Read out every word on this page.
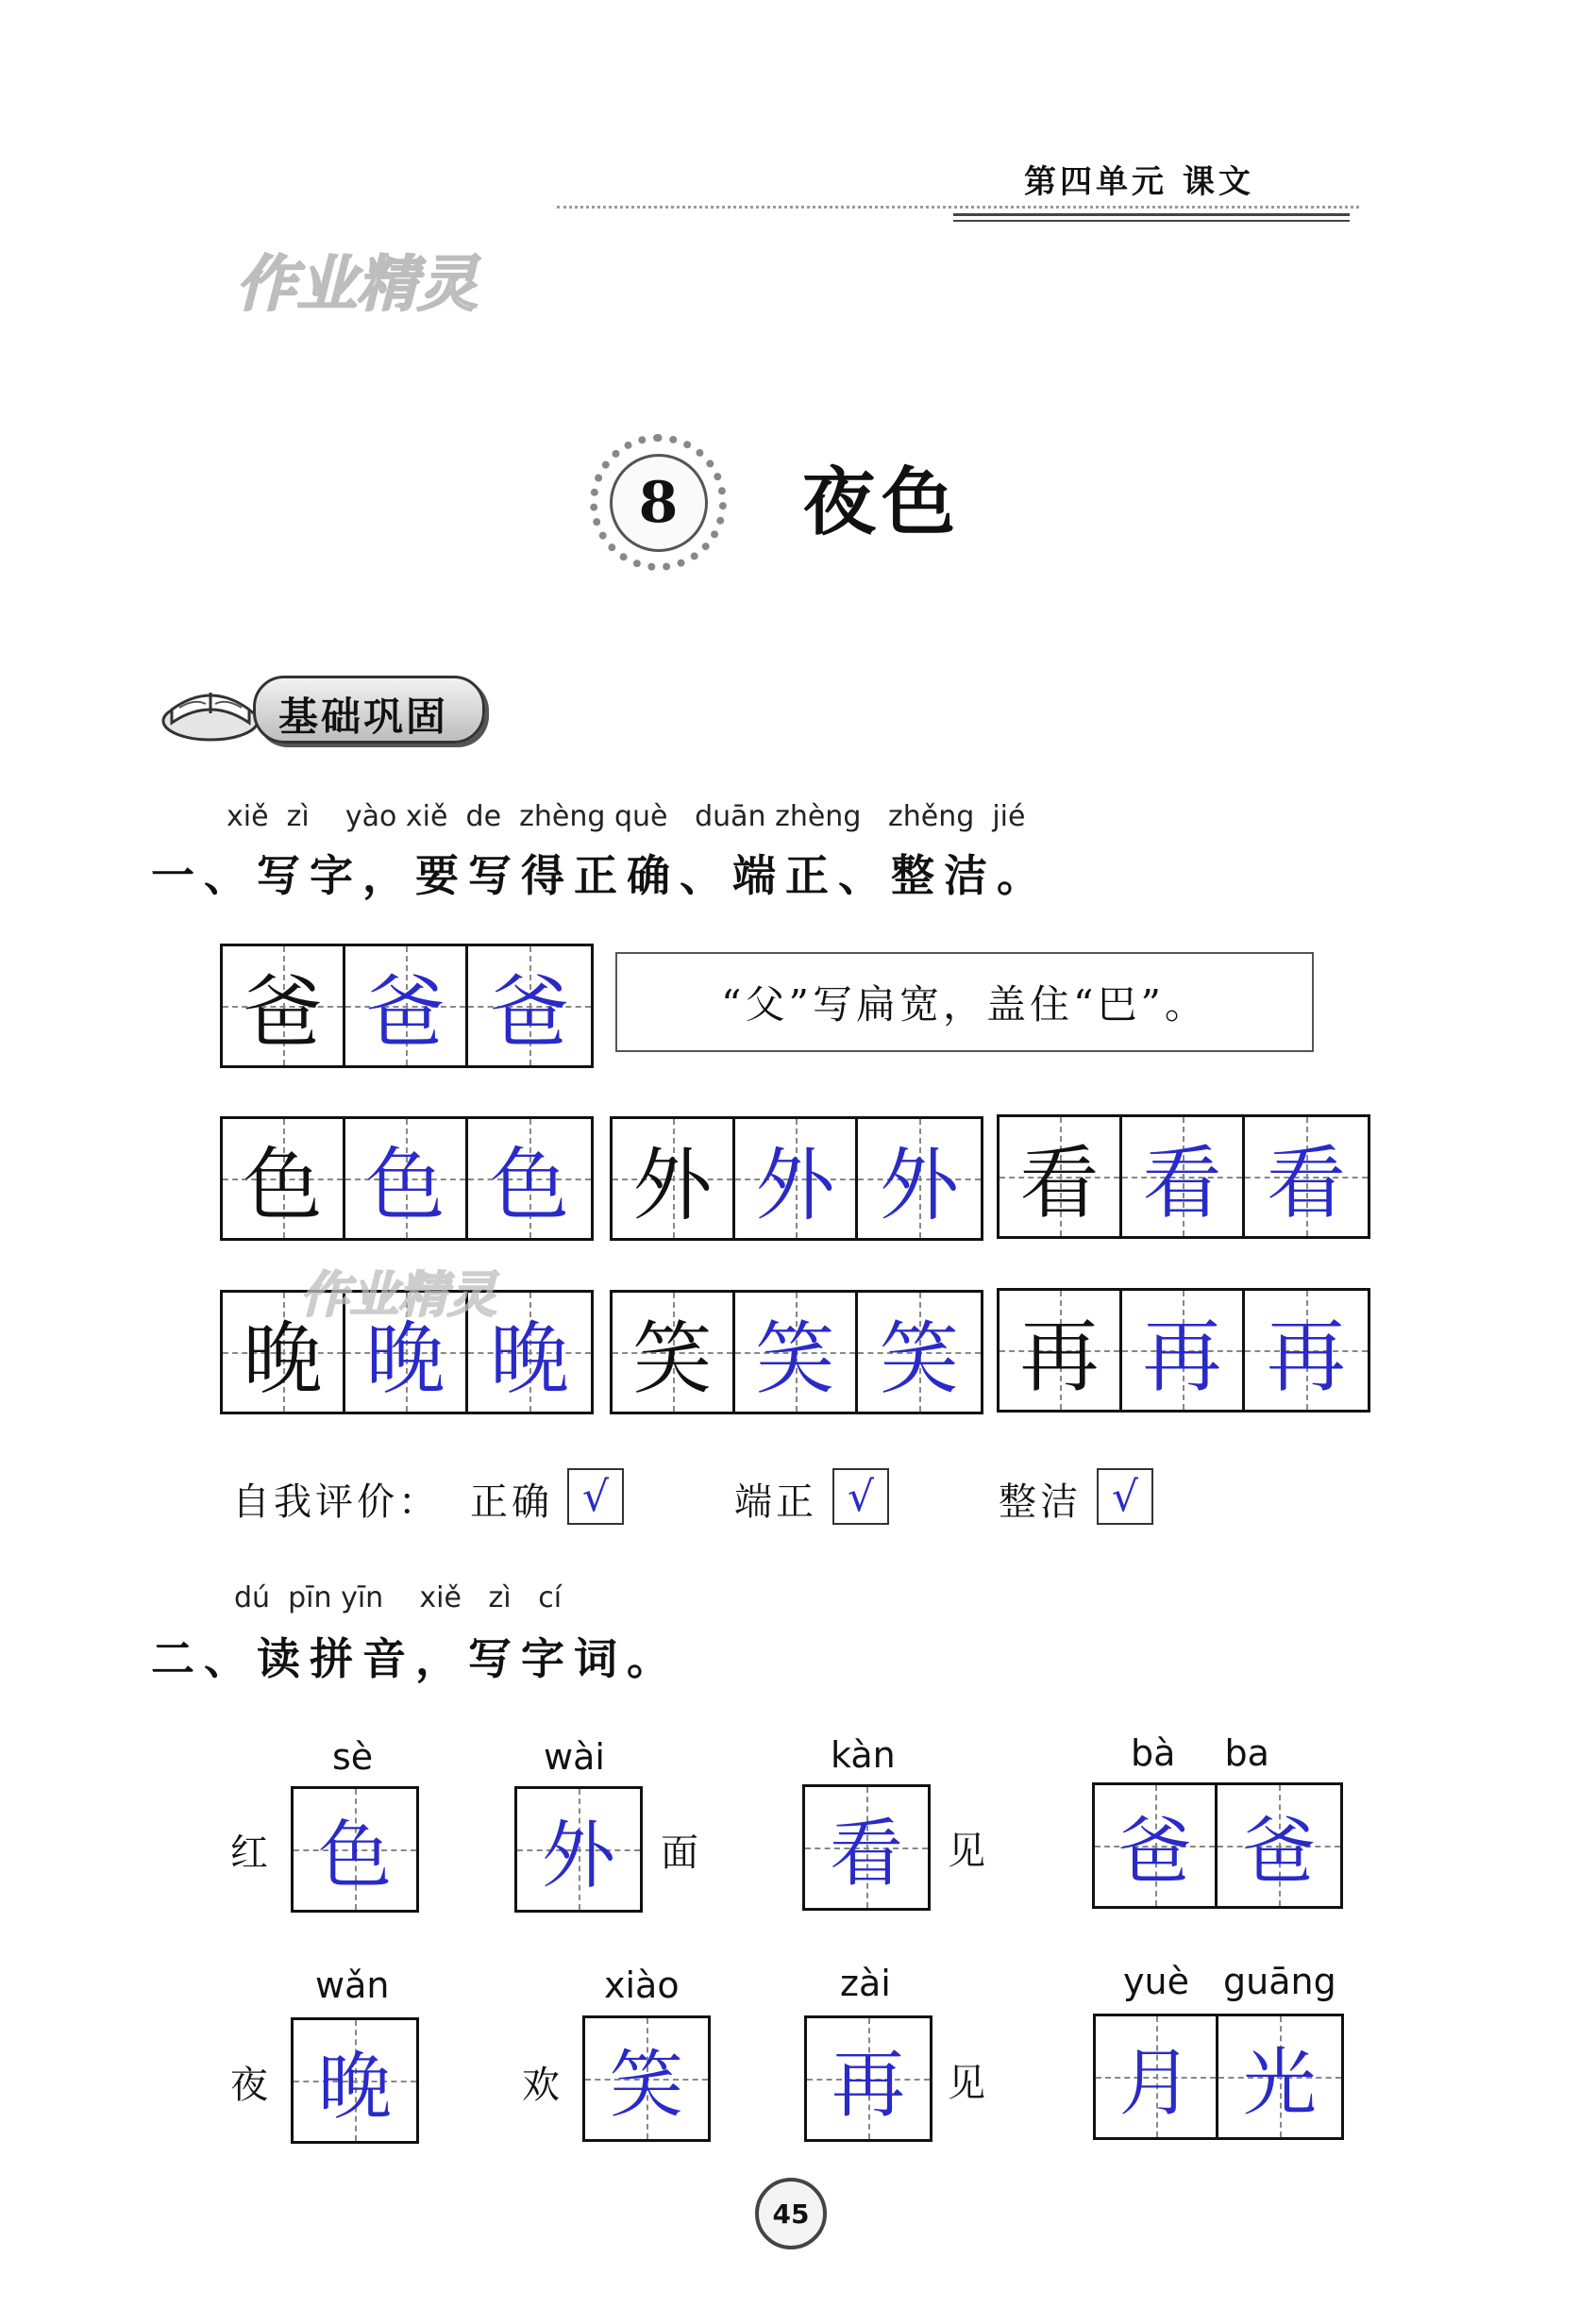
第四单元 课文
作业精灵
8	夜色
基础巩固
xiě zì yào xiě de zhèng què duān zhèng zhěng jié
一、写字，要写得正确、端正、整洁。
爸 爸 爸	“父”写扁宽，盖住“巴”。
色 色 色 外 外 外 看 看 看
晚 晚 晚 笑 笑 笑 再 再 再
作业精灵
自我评价： 正确 √	端正 √	整洁 √
dú pīn yīn xiě zì cí
二、读拼音，写字词。
sè
红 色
wài
外 面
kàn
看 见
bà ba
爸 爸
wǎn
夜 晚
xiào
欢 笑
zài
再 见
yuè guāng
月 光
45
